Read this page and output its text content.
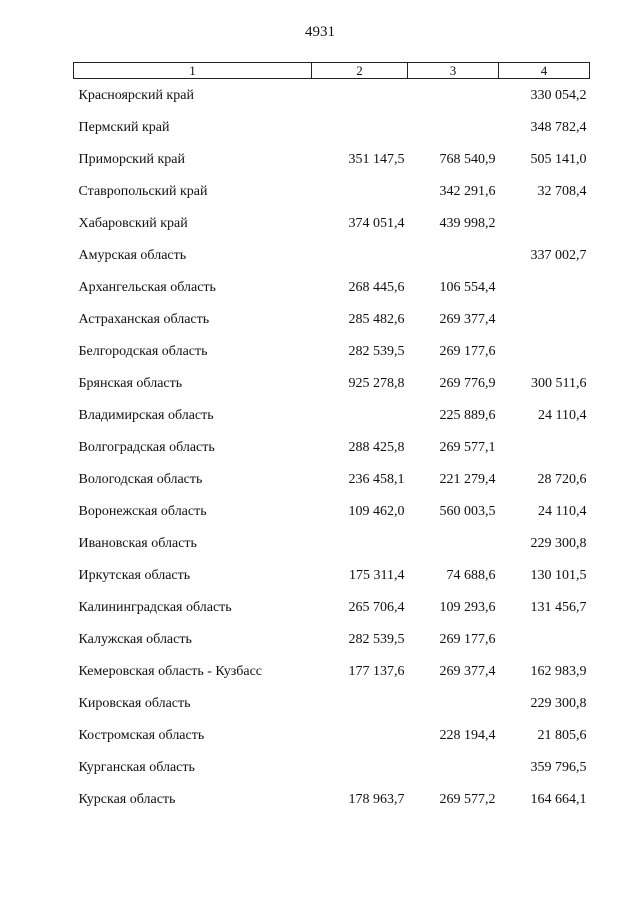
4931
1	2	3	4
Красноярский край			330 054,2
Пермский край			348 782,4
Приморский край	351 147,5	768 540,9	505 141,0
Ставропольский край		342 291,6	32 708,4
Хабаровский край	374 051,4	439 998,2	
Амурская область			337 002,7
Архангельская область	268 445,6	106 554,4	
Астраханская область	285 482,6	269 377,4	
Белгородская область	282 539,5	269 177,6	
Брянская область	925 278,8	269 776,9	300 511,6
Владимирская область		225 889,6	24 110,4
Волгоградская область	288 425,8	269 577,1	
Вологодская область	236 458,1	221 279,4	28 720,6
Воронежская область	109 462,0	560 003,5	24 110,4
Ивановская область			229 300,8
Иркутская область	175 311,4	74 688,6	130 101,5
Калининградская область	265 706,4	109 293,6	131 456,7
Калужская область	282 539,5	269 177,6	
Кемеровская область - Кузбасс	177 137,6	269 377,4	162 983,9
Кировская область			229 300,8
Костромская область		228 194,4	21 805,6
Курганская область			359 796,5
Курская область	178 963,7	269 577,2	164 664,1
